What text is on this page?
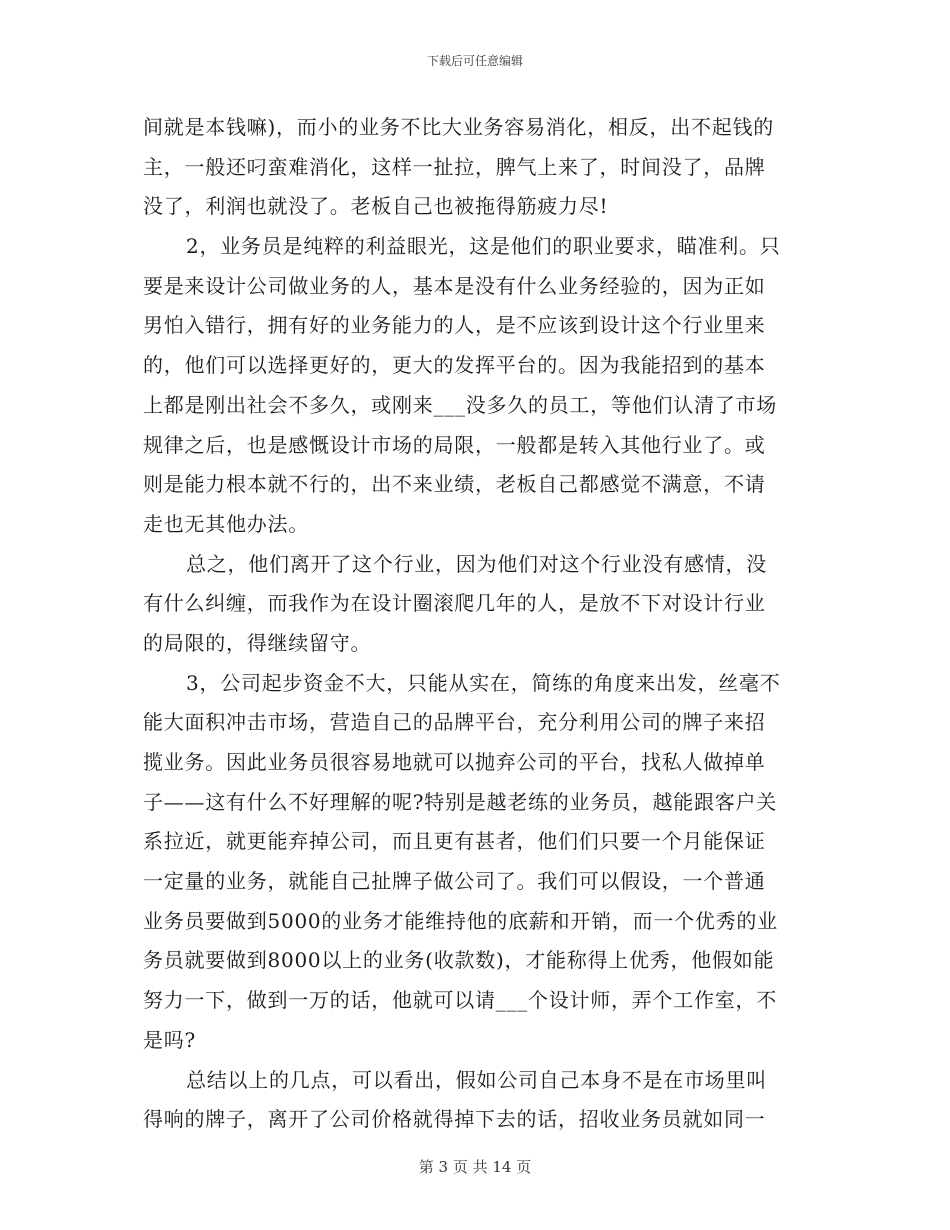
下载后可任意编辑
间就是本钱嘛)，而小的业务不比大业务容易消化，相反，出不起钱的
主，一般还叼蛮难消化，这样一扯拉，脾气上来了，时间没了，品牌
没了，利润也就没了。老板自己也被拖得筋疲力尽!
2，业务员是纯粹的利益眼光，这是他们的职业要求，瞄准利。只
要是来设计公司做业务的人，基本是没有什么业务经验的，因为正如
男怕入错行，拥有好的业务能力的人，是不应该到设计这个行业里来
的，他们可以选择更好的，更大的发挥平台的。因为我能招到的基本
上都是刚出社会不多久，或刚来___没多久的员工，等他们认清了市场
规律之后，也是感慨设计市场的局限，一般都是转入其他行业了。或
则是能力根本就不行的，出不来业绩，老板自己都感觉不满意，不请
走也无其他办法。
总之，他们离开了这个行业，因为他们对这个行业没有感情，没
有什么纠缠，而我作为在设计圈滚爬几年的人，是放不下对设计行业
的局限的，得继续留守。
3，公司起步资金不大，只能从实在，简练的角度来出发，丝毫不
能大面积冲击市场，营造自己的品牌平台，充分利用公司的牌子来招
揽业务。因此业务员很容易地就可以抛弃公司的平台，找私人做掉单
子——这有什么不好理解的呢?特别是越老练的业务员，越能跟客户关
系拉近，就更能弃掉公司，而且更有甚者，他们们只要一个月能保证
一定量的业务，就能自己扯牌子做公司了。我们可以假设，一个普通
业务员要做到5000的业务才能维持他的底薪和开销，而一个优秀的业
务员就要做到8000以上的业务(收款数)，才能称得上优秀，他假如能
努力一下，做到一万的话，他就可以请___个设计师，弄个工作室，不
是吗?
总结以上的几点，可以看出，假如公司自己本身不是在市场里叫
得响的牌子，离开了公司价格就得掉下去的话，招收业务员就如同一
第 3 页 共 14 页
